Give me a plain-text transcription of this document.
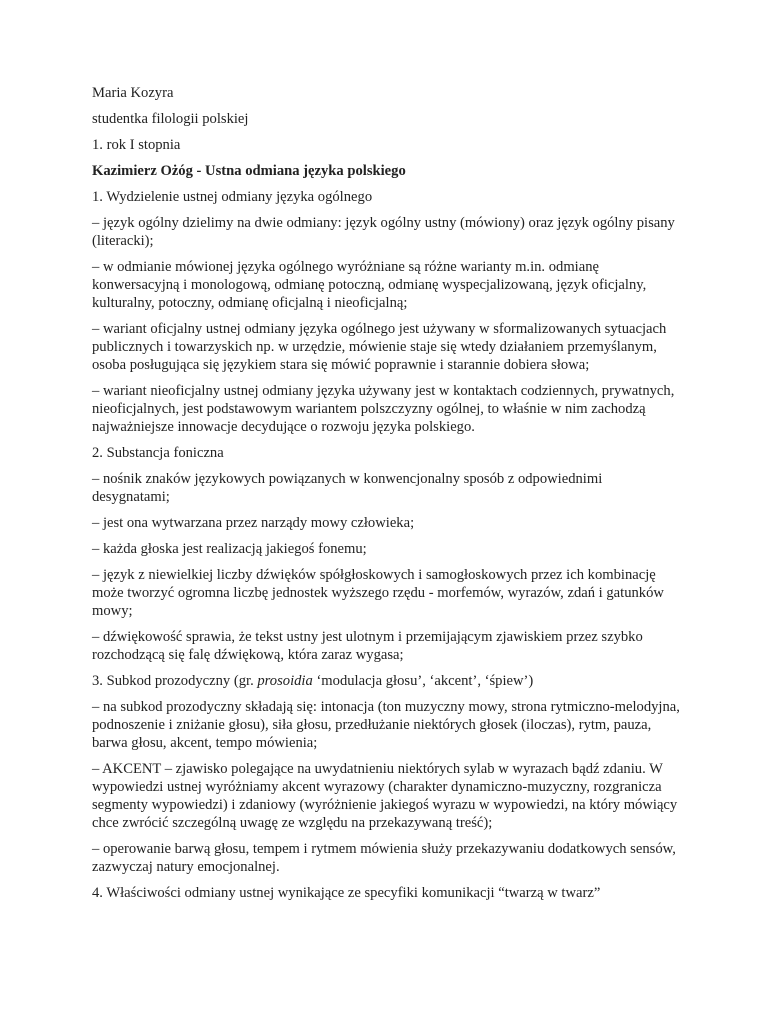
Maria Kozyra

studentka filologii polskiej

1. rok I stopnia

Kazimierz Ożóg - Ustna odmiana języka polskiego

1. Wydzielenie ustnej odmiany języka ogólnego

– język ogólny dzielimy na dwie odmiany: język ogólny ustny (mówiony) oraz język ogólny pisany (literacki);

– w odmianie mówionej języka ogólnego wyróżniane są różne warianty m.in. odmianę konwersacyjną i monologową, odmianę potoczną, odmianę wyspecjalizowaną, język oficjalny, kulturalny, potoczny, odmianę oficjalną i nieoficjalną;

– wariant oficjalny ustnej odmiany języka ogólnego jest używany w sformalizowanych sytuacjach publicznych i towarzyskich np. w urzędzie, mówienie staje się wtedy działaniem przemyślanym, osoba posługująca się językiem stara się mówić poprawnie i starannie dobiera słowa;

– wariant nieoficjalny ustnej odmiany języka używany jest w kontaktach codziennych, prywatnych, nieoficjalnych, jest podstawowym wariantem polszczyzny ogólnej, to właśnie w nim zachodzą najważniejsze innowacje decydujące o rozwoju języka polskiego.

2. Substancja foniczna

– nośnik znaków językowych powiązanych w konwencjonalny sposób z odpowiednimi desygnatami;

– jest ona wytwarzana przez narządy mowy człowieka;

– każda głoska jest realizacją jakiegoś fonemu;

– język z niewielkiej liczby dźwięków spółgłoskowych i samogłoskowych przez ich kombinację może tworzyć ogromna liczbę jednostek wyższego rzędu - morfemów, wyrazów, zdań i gatunków mowy;

– dźwiękowość sprawia, że tekst ustny jest ulotnym i przemijającym zjawiskiem przez szybko rozchodzącą się falę dźwiękową, która zaraz wygasa;

3. Subkod prozodyczny (gr. prosoidia ‘modulacja głosu’, ‘akcent’, ‘śpiew’)

– na subkod prozodyczny składają się: intonacja (ton muzyczny mowy, strona rytmiczno-melodyjna, podnoszenie i zniżanie głosu), siła głosu, przedłużanie niektórych głosek (iloczas), rytm, pauza, barwa głosu, akcent, tempo mówienia;

– AKCENT – zjawisko polegające na uwydatnieniu niektórych sylab w wyrazach bądź zdaniu. W wypowiedzi ustnej wyróżniamy akcent wyrazowy (charakter dynamiczno-muzyczny, rozgranicza segmenty wypowiedzi) i zdaniowy (wyróżnienie jakiegoś wyrazu w wypowiedzi, na który mówiący chce zwrócić szczególną uwagę ze względu na przekazywaną treść);

– operowanie barwą głosu, tempem i rytmem mówienia służy przekazywaniu dodatkowych sensów, zazwyczaj natury emocjonalnej.

4. Właściwości odmiany ustnej wynikające ze specyfiki komunikacji “twarzą w twarz”
